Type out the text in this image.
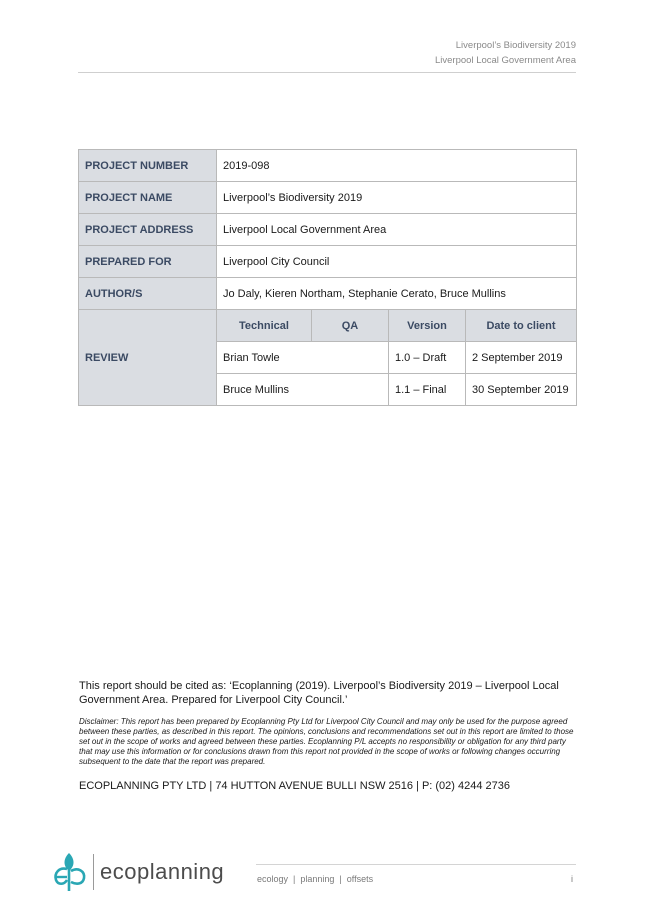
Liverpool’s Biodiversity 2019
Liverpool Local Government Area
PROJECT NUMBER	2019-098			
PROJECT NAME	Liverpool’s Biodiversity 2019			
PROJECT ADDRESS	Liverpool Local Government Area			
PREPARED FOR	Liverpool City Council			
AUTHOR/S	Jo Daly, Kieren Northam, Stephanie Cerato, Bruce Mullins			
REVIEW	Technical	QA	Version	Date to client
	Brian Towle		1.0 – Draft	2 September 2019
	Bruce Mullins		1.1 – Final	30 September 2019

This report should be cited as: ‘Ecoplanning (2019). Liverpool’s Biodiversity 2019 – Liverpool Local Government Area. Prepared for Liverpool City Council.’

Disclaimer: This report has been prepared by Ecoplanning Pty Ltd for Liverpool City Council and may only be used for the purpose agreed between these parties, as described in this report. The opinions, conclusions and recommendations set out in this report are limited to those set out in the scope of works and agreed between these parties. Ecoplanning P/L accepts no responsibility or obligation for any third party that may use this information or for conclusions drawn from this report not provided in the scope of works or following changes occurring subsequent to the date that the report was prepared.

ECOPLANNING PTY LTD | 74 HUTTON AVENUE BULLI NSW 2516 | P: (02) 4244 2736

ecoplanning	ecology  |  planning  |  offsets	i
